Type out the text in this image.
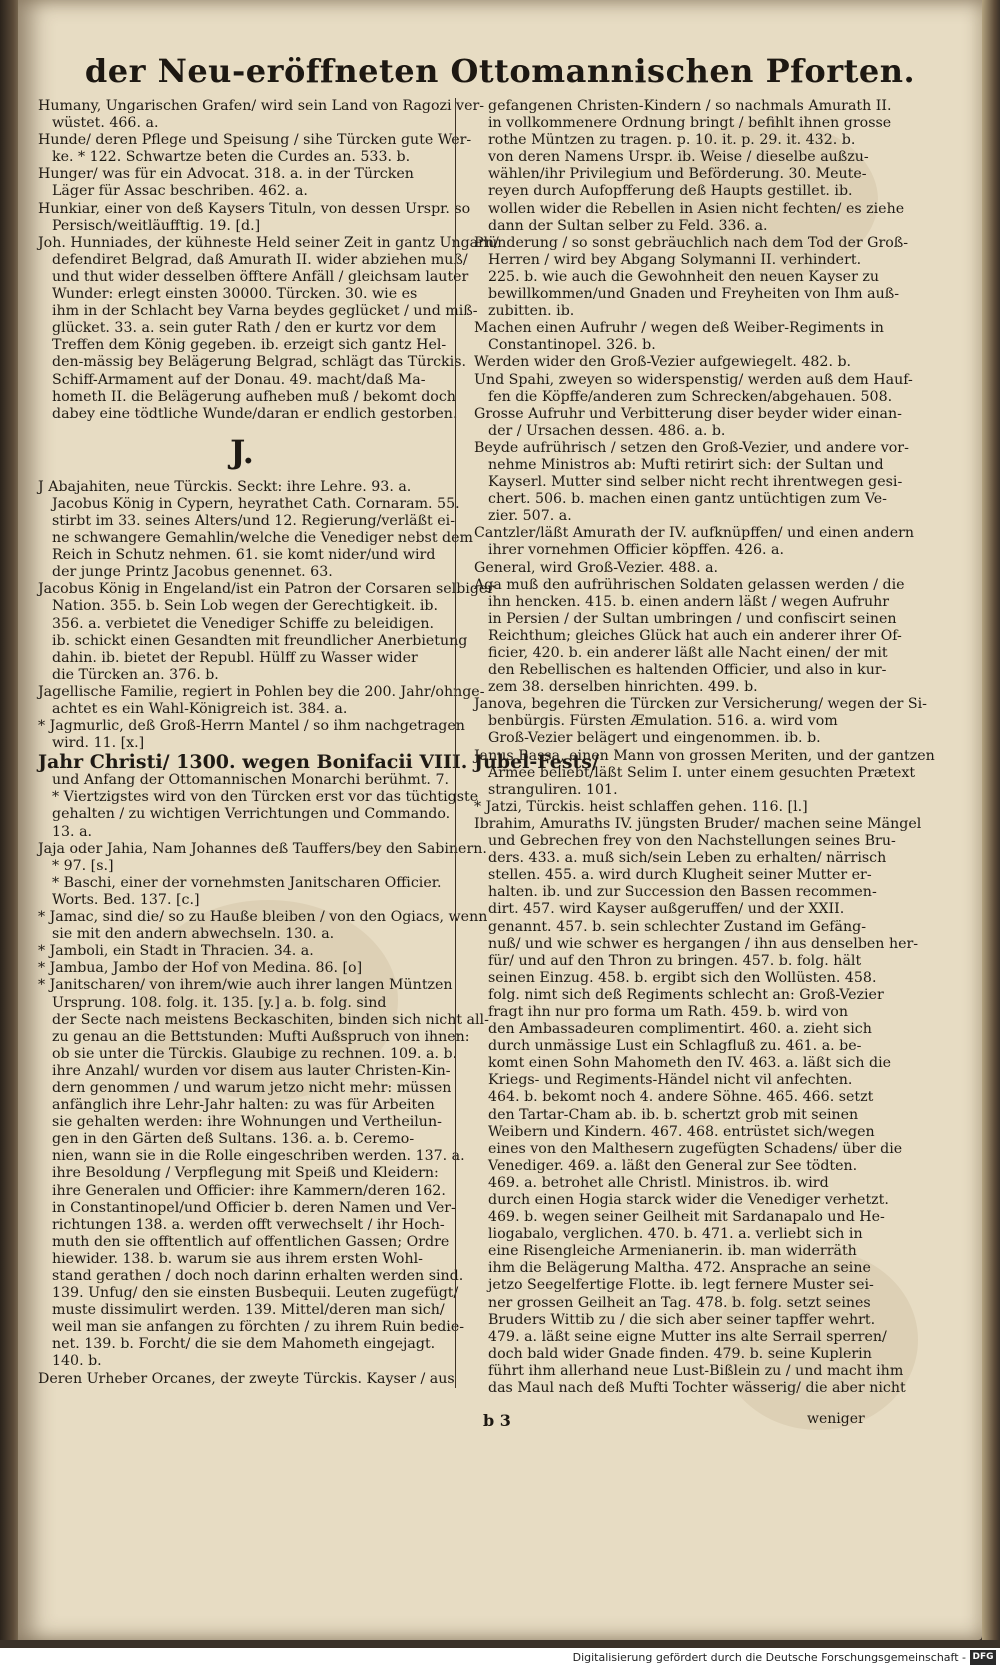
der Neu-eröffneten Ottomannischen Pforten.

Humany, Ungarischen Grafen/ wird sein Land von Ragozi ver-

wüstet. 466. a.

Hunde/ deren Pflege und Speisung / sihe Türcken gute Wer-

ke. * 122. Schwartze beten die Curdes an. 533. b.

Hunger/ was für ein Advocat. 318. a. in der Türcken

Läger für Assac beschriben. 462. a.

Hunkiar, einer von deß Kaysers Tituln, von dessen Urspr. so

Persisch/weitläufftig. 19. [d.]

Joh. Hunniades, der kühneste Held seiner Zeit in gantz Ungarn/

defendiret Belgrad, daß Amurath II. wider abziehen muß/

und thut wider desselben öfftere Anfäll / gleichsam lauter

Wunder: erlegt einsten 30000. Türcken. 30. wie es

ihm in der Schlacht bey Varna beydes geglücket / und miß-

glücket. 33. a. sein guter Rath / den er kurtz vor dem

Treffen dem König gegeben. ib. erzeigt sich gantz Hel-

den-mässig bey Belägerung Belgrad, schlägt das Türckis.

Schiff-Armament auf der Donau. 49. macht/daß Ma-

hometh II. die Belägerung aufheben muß / bekomt doch

dabey eine tödtliche Wunde/daran er endlich gestorben.

J.

J Abajahiten, neue Türckis. Seckt: ihre Lehre. 93. a.

Jacobus König in Cypern, heyrathet Cath. Cornaram. 55.

stirbt im 33. seines Alters/und 12. Regierung/verläßt ei-

ne schwangere Gemahlin/welche die Venediger nebst dem

Reich in Schutz nehmen. 61. sie komt nider/und wird

der junge Printz Jacobus genennet. 63.

Jacobus König in Engeland/ist ein Patron der Corsaren selbiger

Nation. 355. b. Sein Lob wegen der Gerechtigkeit. ib.

356. a. verbietet die Venediger Schiffe zu beleidigen.

ib. schickt einen Gesandten mit freundlicher Anerbietung

dahin. ib. bietet der Republ. Hülff zu Wasser wider

die Türcken an. 376. b.

Jagellische Familie, regiert in Pohlen bey die 200. Jahr/ohnge-

achtet es ein Wahl-Königreich ist. 384. a.

* Jagmurlic, deß Groß-Herrn Mantel / so ihm nachgetragen

wird. 11. [x.]

Jahr Christi/ 1300. wegen Bonifacii VIII. Jubel-Fests/

und Anfang der Ottomannischen Monarchi berühmt. 7.

* Viertzigstes wird von den Türcken erst vor das tüchtigste

gehalten / zu wichtigen Verrichtungen und Commando.

13. a.

Jaja oder Jahia, Nam Johannes deß Tauffers/bey den Sabinern.

* 97. [s.]

* Baschi, einer der vornehmsten Janitscharen Officier.

Worts. Bed. 137. [c.]

* Jamac, sind die/ so zu Hauße bleiben / von den Ogiacs, wenn

sie mit den andern abwechseln. 130. a.

* Jamboli, ein Stadt in Thracien. 34. a.

* Jambua, Jambo der Hof von Medina. 86. [o]

* Janitscharen/ von ihrem/wie auch ihrer langen Müntzen

Ursprung. 108. folg. it. 135. [y.] a. b. folg. sind

der Secte nach meistens Beckaschiten, binden sich nicht all-

zu genau an die Bettstunden: Mufti Außspruch von ihnen:

ob sie unter die Türckis. Glaubige zu rechnen. 109. a. b.

ihre Anzahl/ wurden vor disem aus lauter Christen-Kin-

dern genommen / und warum jetzo nicht mehr: müssen

anfänglich ihre Lehr-Jahr halten: zu was für Arbeiten

sie gehalten werden: ihre Wohnungen und Vertheilun-

gen in den Gärten deß Sultans. 136. a. b. Ceremo-

nien, wann sie in die Rolle eingeschriben werden. 137. a.

ihre Besoldung / Verpflegung mit Speiß und Kleidern:

ihre Generalen und Officier: ihre Kammern/deren 162.

in Constantinopel/und Officier b. deren Namen und Ver-

richtungen 138. a. werden offt verwechselt / ihr Hoch-

muth den sie offtentlich auf offentlichen Gassen; Ordre

hiewider. 138. b. warum sie aus ihrem ersten Wohl-

stand gerathen / doch noch darinn erhalten werden sind.

139. Unfug/ den sie einsten Busbequii. Leuten zugefügt/

muste dissimulirt werden. 139. Mittel/deren man sich/

weil man sie anfangen zu förchten / zu ihrem Ruin bedie-

net. 139. b. Forcht/ die sie dem Mahometh eingejagt.

140. b.

Deren Urheber Orcanes, der zweyte Türckis. Kayser / aus

gefangenen Christen-Kindern / so nachmals Amurath II.

in vollkommenere Ordnung bringt / befihlt ihnen grosse

rothe Müntzen zu tragen. p. 10. it. p. 29. it. 432. b.

von deren Namens Urspr. ib. Weise / dieselbe außzu-

wählen/ihr Privilegium und Beförderung. 30. Meute-

reyen durch Aufopfferung deß Haupts gestillet. ib.

wollen wider die Rebellen in Asien nicht fechten/ es ziehe

dann der Sultan selber zu Feld. 336. a.

Plünderung / so sonst gebräuchlich nach dem Tod der Groß-

Herren / wird bey Abgang Solymanni II. verhindert.

225. b. wie auch die Gewohnheit den neuen Kayser zu

bewillkommen/und Gnaden und Freyheiten von Ihm auß-

zubitten. ib.

Machen einen Aufruhr / wegen deß Weiber-Regiments in

Constantinopel. 326. b.

Werden wider den Groß-Vezier aufgewiegelt. 482. b.

Und Spahi, zweyen so widerspenstig/ werden auß dem Hauf-

fen die Köpffe/anderen zum Schrecken/abgehauen. 508.

Grosse Aufruhr und Verbitterung diser beyder wider einan-

der / Ursachen dessen. 486. a. b.

Beyde aufrührisch / setzen den Groß-Vezier, und andere vor-

nehme Ministros ab: Mufti retirirt sich: der Sultan und

Kayserl. Mutter sind selber nicht recht ihrentwegen gesi-

chert. 506. b. machen einen gantz untüchtigen zum Ve-

zier. 507. a.

Cantzler/läßt Amurath der IV. aufknüpffen/ und einen andern

ihrer vornehmen Officier köpffen. 426. a.

General, wird Groß-Vezier. 488. a.

Aga muß den aufrührischen Soldaten gelassen werden / die

ihn hencken. 415. b. einen andern läßt / wegen Aufruhr

in Persien / der Sultan umbringen / und confiscirt seinen

Reichthum; gleiches Glück hat auch ein anderer ihrer Of-

ficier, 420. b. ein anderer läßt alle Nacht einen/ der mit

den Rebellischen es haltenden Officier, und also in kur-

zem 38. derselben hinrichten. 499. b.

Janova, begehren die Türcken zur Versicherung/ wegen der Si-

benbürgis. Fürsten Æmulation. 516. a. wird vom

Groß-Vezier belägert und eingenommen. ib. b.

Janus Bassa, einen Mann von grossen Meriten, und der gantzen

Armee beliebt/läßt Selim I. unter einem gesuchten Prætext

stranguliren. 101.

* Jatzi, Türckis. heist schlaffen gehen. 116. [l.]

Ibrahim, Amuraths IV. jüngsten Bruder/ machen seine Mängel

und Gebrechen frey von den Nachstellungen seines Bru-

ders. 433. a. muß sich/sein Leben zu erhalten/ närrisch

stellen. 455. a. wird durch Klugheit seiner Mutter er-

halten. ib. und zur Succession den Bassen recommen-

dirt. 457. wird Kayser außgeruffen/ und der XXII.

genannt. 457. b. sein schlechter Zustand im Gefäng-

nuß/ und wie schwer es hergangen / ihn aus denselben her-

für/ und auf den Thron zu bringen. 457. b. folg. hält

seinen Einzug. 458. b. ergibt sich den Wollüsten. 458.

folg. nimt sich deß Regiments schlecht an: Groß-Vezier

fragt ihn nur pro forma um Rath. 459. b. wird von

den Ambassadeuren complimentirt. 460. a. zieht sich

durch unmässige Lust ein Schlagfluß zu. 461. a. be-

komt einen Sohn Mahometh den IV. 463. a. läßt sich die

Kriegs- und Regiments-Händel nicht vil anfechten.

464. b. bekomt noch 4. andere Söhne. 465. 466. setzt

den Tartar-Cham ab. ib. b. schertzt grob mit seinen

Weibern und Kindern. 467. 468. entrüstet sich/wegen

eines von den Malthesern zugefügten Schadens/ über die

Venediger. 469. a. läßt den General zur See tödten.

469. a. betrohet alle Christl. Ministros. ib. wird

durch einen Hogia starck wider die Venediger verhetzt.

469. b. wegen seiner Geilheit mit Sardanapalo und He-

liogabalo, verglichen. 470. b. 471. a. verliebt sich in

eine Risengleiche Armenianerin. ib. man widerräth

ihm die Belägerung Maltha. 472. Ansprache an seine

jetzo Seegelfertige Flotte. ib. legt fernere Muster sei-

ner grossen Geilheit an Tag. 478. b. folg. setzt seines

Bruders Wittib zu / die sich aber seiner tapffer wehrt.

479. a. läßt seine eigne Mutter ins alte Serrail sperren/

doch bald wider Gnade finden. 479. b. seine Kuplerin

führt ihm allerhand neue Lust-Bißlein zu / und macht ihm

das Maul nach deß Mufti Tochter wässerig/ die aber nicht

b 3	weniger
Digitalisierung gefördert durch die Deutsche Forschungsgemeinschaft - DFG
